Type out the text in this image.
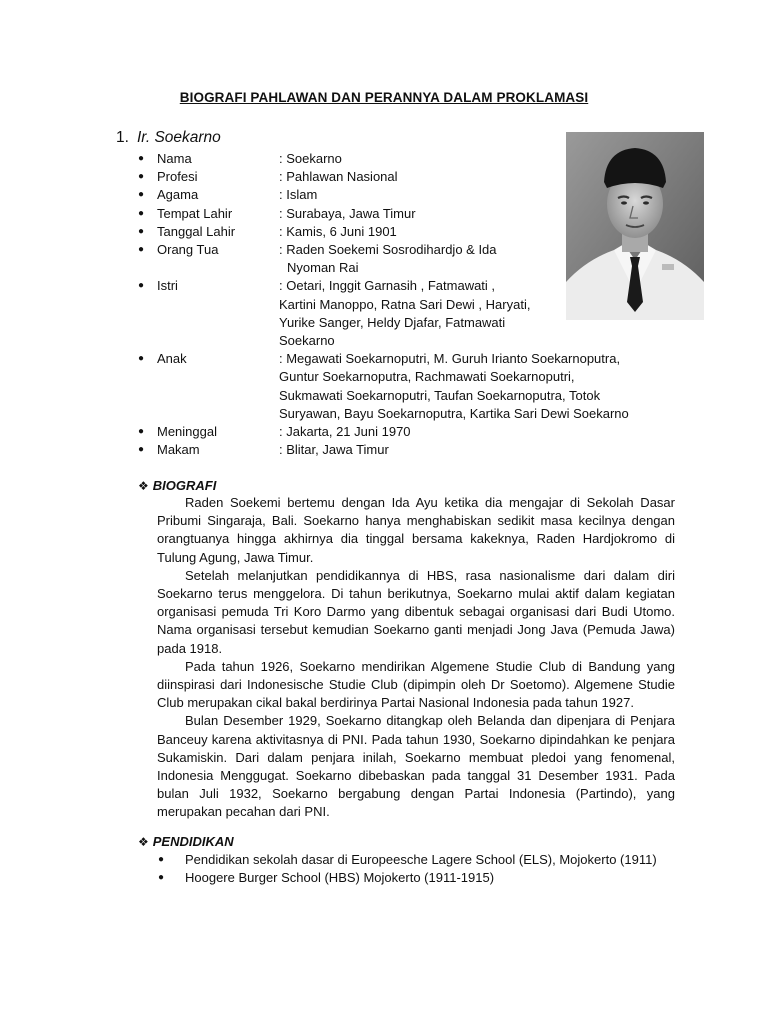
BIOGRAFI PAHLAWAN DAN PERANNYA DALAM PROKLAMASI
1. Ir. Soekarno
● Nama	: Soekarno
● Profesi	: Pahlawan Nasional
● Agama	: Islam
● Tempat Lahir	: Surabaya, Jawa Timur
● Tanggal Lahir	: Kamis, 6 Juni 1901
● Orang Tua	: Raden Soekemi Sosrodihardjo & Ida
Nyoman Rai
● Istri	: Oetari, Inggit Garnasih , Fatmawati ,
Kartini Manoppo, Ratna Sari Dewi , Haryati,
Yurike Sanger, Heldy Djafar, Fatmawati
Soekarno
● Anak	: Megawati Soekarnoputri, M. Guruh Irianto Soekarnoputra,
Guntur Soekarnoputra, Rachmawati Soekarnoputri,
Sukmawati Soekarnoputri, Taufan Soekarnoputra, Totok
Suryawan, Bayu Soekarnoputra, Kartika Sari Dewi Soekarno
● Meninggal	: Jakarta, 21 Juni 1970
● Makam	: Blitar, Jawa Timur
❖ BIOGRAFI

Raden Soekemi bertemu dengan Ida Ayu ketika dia mengajar di Sekolah Dasar Pribumi Singaraja, Bali. Soekarno hanya menghabiskan sedikit masa kecilnya dengan orangtuanya hingga akhirnya dia tinggal bersama kakeknya, Raden Hardjokromo di Tulung Agung, Jawa Timur.

Setelah melanjutkan pendidikannya di HBS, rasa nasionalisme dari dalam diri Soekarno terus menggelora. Di tahun berikutnya, Soekarno mulai aktif dalam kegiatan organisasi pemuda Tri Koro Darmo yang dibentuk sebagai organisasi dari Budi Utomo. Nama organisasi tersebut kemudian Soekarno ganti menjadi Jong Java (Pemuda Jawa) pada 1918.

Pada tahun 1926, Soekarno mendirikan Algemene Studie Club di Bandung yang diinspirasi dari Indonesische Studie Club (dipimpin oleh Dr Soetomo). Algemene Studie Club merupakan cikal bakal berdirinya Partai Nasional Indonesia pada tahun 1927.

Bulan Desember 1929, Soekarno ditangkap oleh Belanda dan dipenjara di Penjara Banceuy karena aktivitasnya di PNI. Pada tahun 1930, Soekarno dipindahkan ke penjara Sukamiskin. Dari dalam penjara inilah, Soekarno membuat pledoi yang fenomenal, Indonesia Menggugat. Soekarno dibebaskan pada tanggal 31 Desember 1931. Pada bulan Juli 1932, Soekarno bergabung dengan Partai Indonesia (Partindo), yang merupakan pecahan dari PNI.

❖ PENDIDIKAN
●	Pendidikan sekolah dasar di Europeesche Lagere School (ELS), Mojokerto (1911)
●	Hoogere Burger School (HBS) Mojokerto (1911-1915)
